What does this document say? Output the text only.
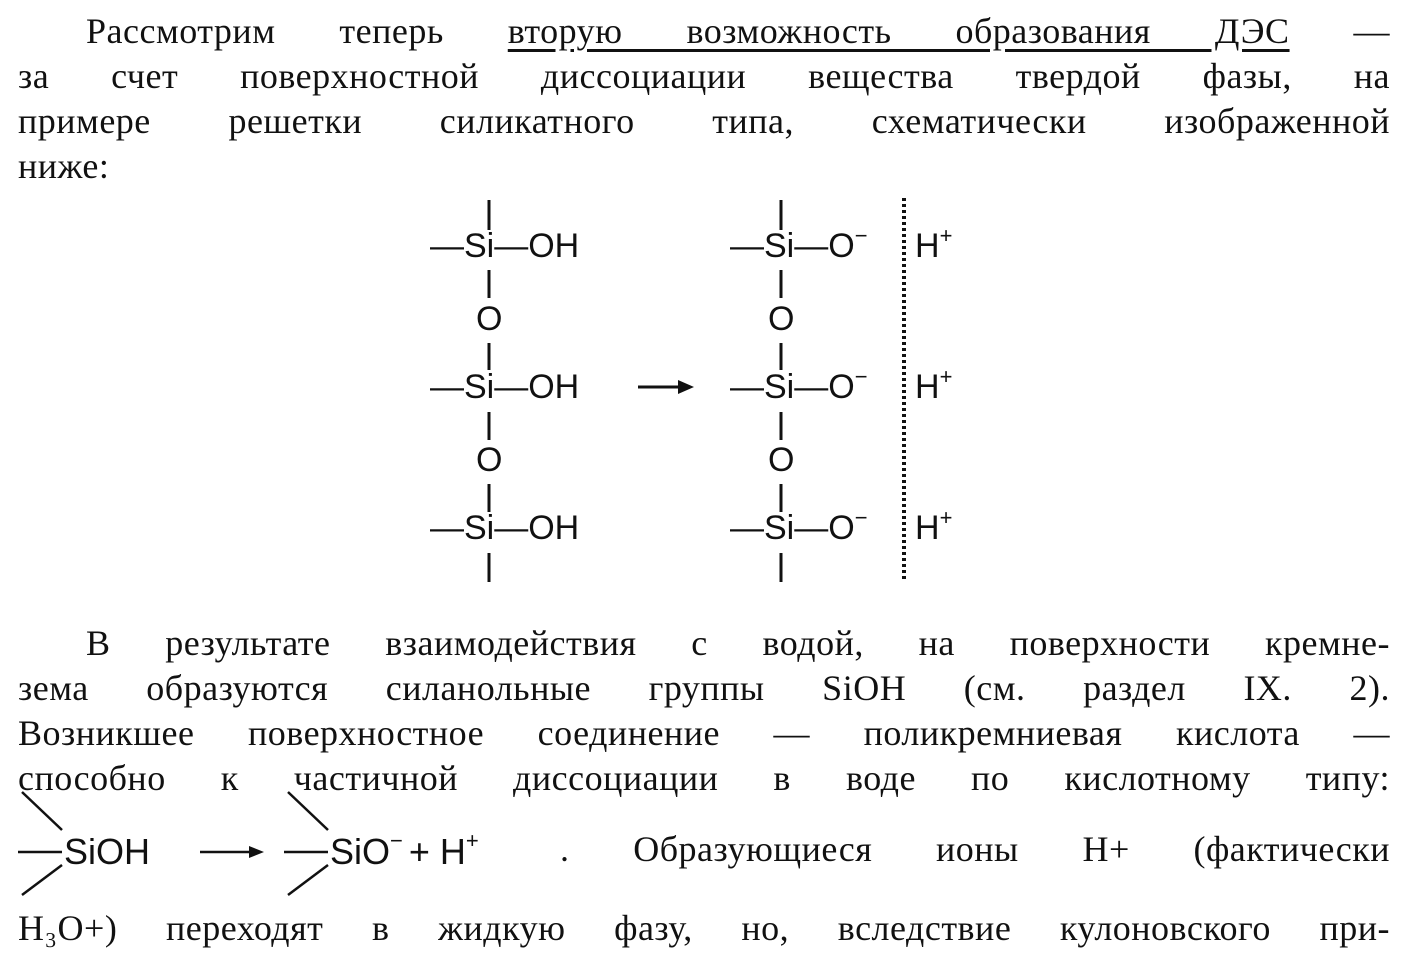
Рассмотрим теперь вторую возможность образования ДЭС —
за счет поверхностной диссоциации вещества твердой фазы, на
примере решетки силикатного типа, схематически изображенной
ниже:
—Si—OH
O
—Si—OH
O
—Si—OH
—Si—O−
O
—Si—O−
O
—Si—O−
H+
H+
H+
В результате взаимодействия с водой, на поверхности кремне-
зема образуются силанольные группы SiOH (см. раздел IX. 2).
Возникшее поверхностное соединение — поликремниевая кислота —
способно к частичной диссоциации в воде по кислотному типу:
SiOH	SiO− + H+ . Образующиеся ионы H+ (фактически
H₃O+) переходят в жидкую фазу, но, вследствие кулоновского при-
